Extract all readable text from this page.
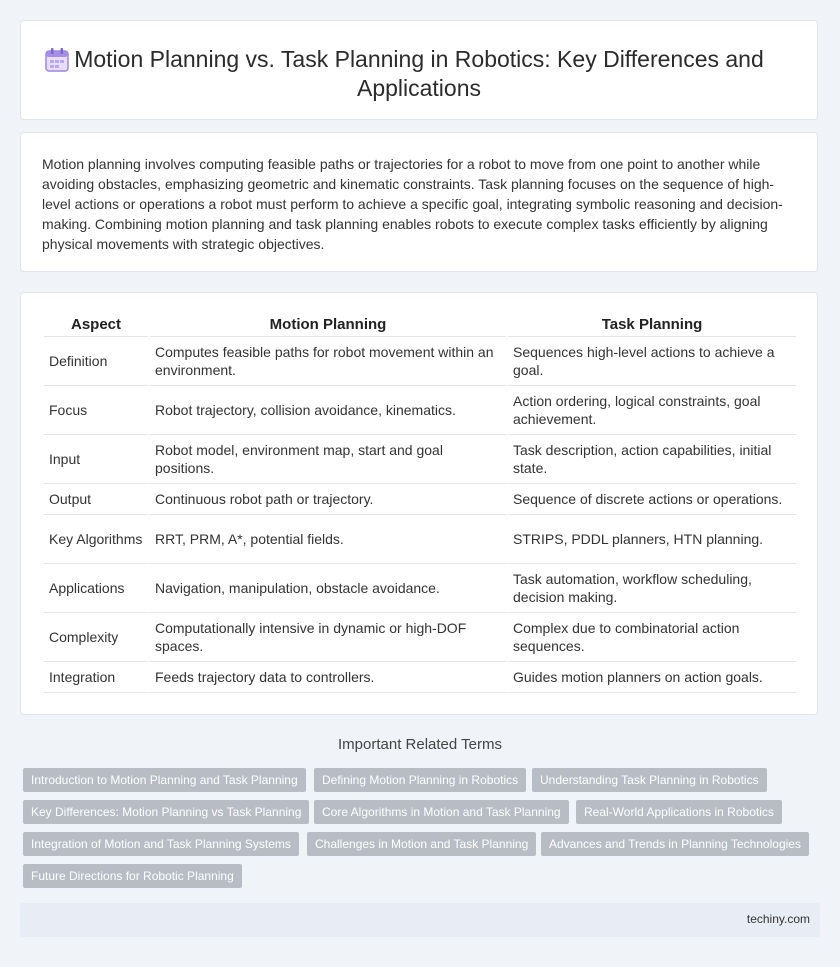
Motion Planning vs. Task Planning in Robotics: Key Differences and Applications

Motion planning involves computing feasible paths or trajectories for a robot to move from one point to another while avoiding obstacles, emphasizing geometric and kinematic constraints. Task planning focuses on the sequence of high-level actions or operations a robot must perform to achieve a specific goal, integrating symbolic reasoning and decision-making. Combining motion planning and task planning enables robots to execute complex tasks efficiently by aligning physical movements with strategic objectives.

Aspect	Motion Planning	Task Planning
Definition	Computes feasible paths for robot movement within an environment.	Sequences high-level actions to achieve a goal.
Focus	Robot trajectory, collision avoidance, kinematics.	Action ordering, logical constraints, goal achievement.
Input	Robot model, environment map, start and goal positions.	Task description, action capabilities, initial state.
Output	Continuous robot path or trajectory.	Sequence of discrete actions or operations.
Key Algorithms	RRT, PRM, A*, potential fields.	STRIPS, PDDL planners, HTN planning.
Applications	Navigation, manipulation, obstacle avoidance.	Task automation, workflow scheduling, decision making.
Complexity	Computationally intensive in dynamic or high-DOF spaces.	Complex due to combinatorial action sequences.
Integration	Feeds trajectory data to controllers.	Guides motion planners on action goals.
Important Related Terms
Introduction to Motion Planning and Task Planning	Defining Motion Planning in Robotics	Understanding Task Planning in Robotics
Key Differences: Motion Planning vs Task Planning	Core Algorithms in Motion and Task Planning	Real-World Applications in Robotics
Integration of Motion and Task Planning Systems	Challenges in Motion and Task Planning	Advances and Trends in Planning Technologies
Future Directions for Robotic Planning
techiny.com
